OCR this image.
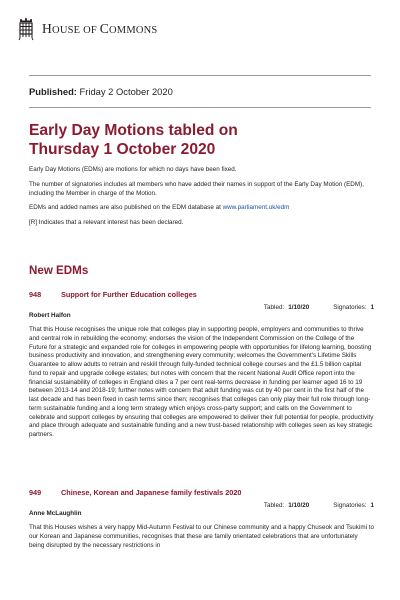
HOUSE OF COMMONS
Published: Friday 2 October 2020
Early Day Motions tabled on
Thursday 1 October 2020

Early Day Motions (EDMs) are motions for which no days have been fixed.

The number of signatories includes all members who have added their names in support of the Early Day Motion (EDM), including the Member in charge of the Motion.

EDMs and added names are also published on the EDM database at www.parliament.uk/edm

[R] Indicates that a relevant interest has been declared.

New EDMs
948	Support for Further Education colleges
Tabled: 1/10/20	Signatories: 1
Robert Halfon
That this House recognises the unique role that colleges play in supporting people, employers and communities to thrive and central role in rebuilding the economy; endorses the vision of the Independent Commission on the College of the Future for a strategic and expanded role for colleges in empowering people with opportunities for lifelong learning, boosting business productivity and innovation, and strengthening every community; welcomes the Government's Lifetime Skills Guarantee to allow adults to retrain and reskill through fully-funded technical college courses and the £1.5 billion capital fund to repair and upgrade college estates; but notes with concern that the recent National Audit Office report into the financial sustainability of colleges in England cites a 7 per cent real-terms decrease in funding per learner aged 16 to 19 between 2013-14 and 2018-19; further notes with concern that adult funding was cut by 40 per cent in the first half of the last decade and has been fixed in cash terms since then; recognises that colleges can only play their full role through long-term sustainable funding and a long term strategy which enjoys cross-party support; and calls on the Government to celebrate and support colleges by ensuring that colleges are empowered to deliver their full potential for people, productivity and place through adequate and sustainable funding and a new trust-based relationship with colleges seen as key strategic partners.
949	Chinese, Korean and Japanese family festivals 2020
Tabled: 1/10/20	Signatories: 1
Anne McLaughlin
That this Houses wishes a very happy Mid-Autumn Festival to our Chinese community and a happy Chuseok and Tsukimi to our Korean and Japanese communities, recognises that these are family orientated celebrations that are unfortunately being disrupted by the necessary restrictions in
